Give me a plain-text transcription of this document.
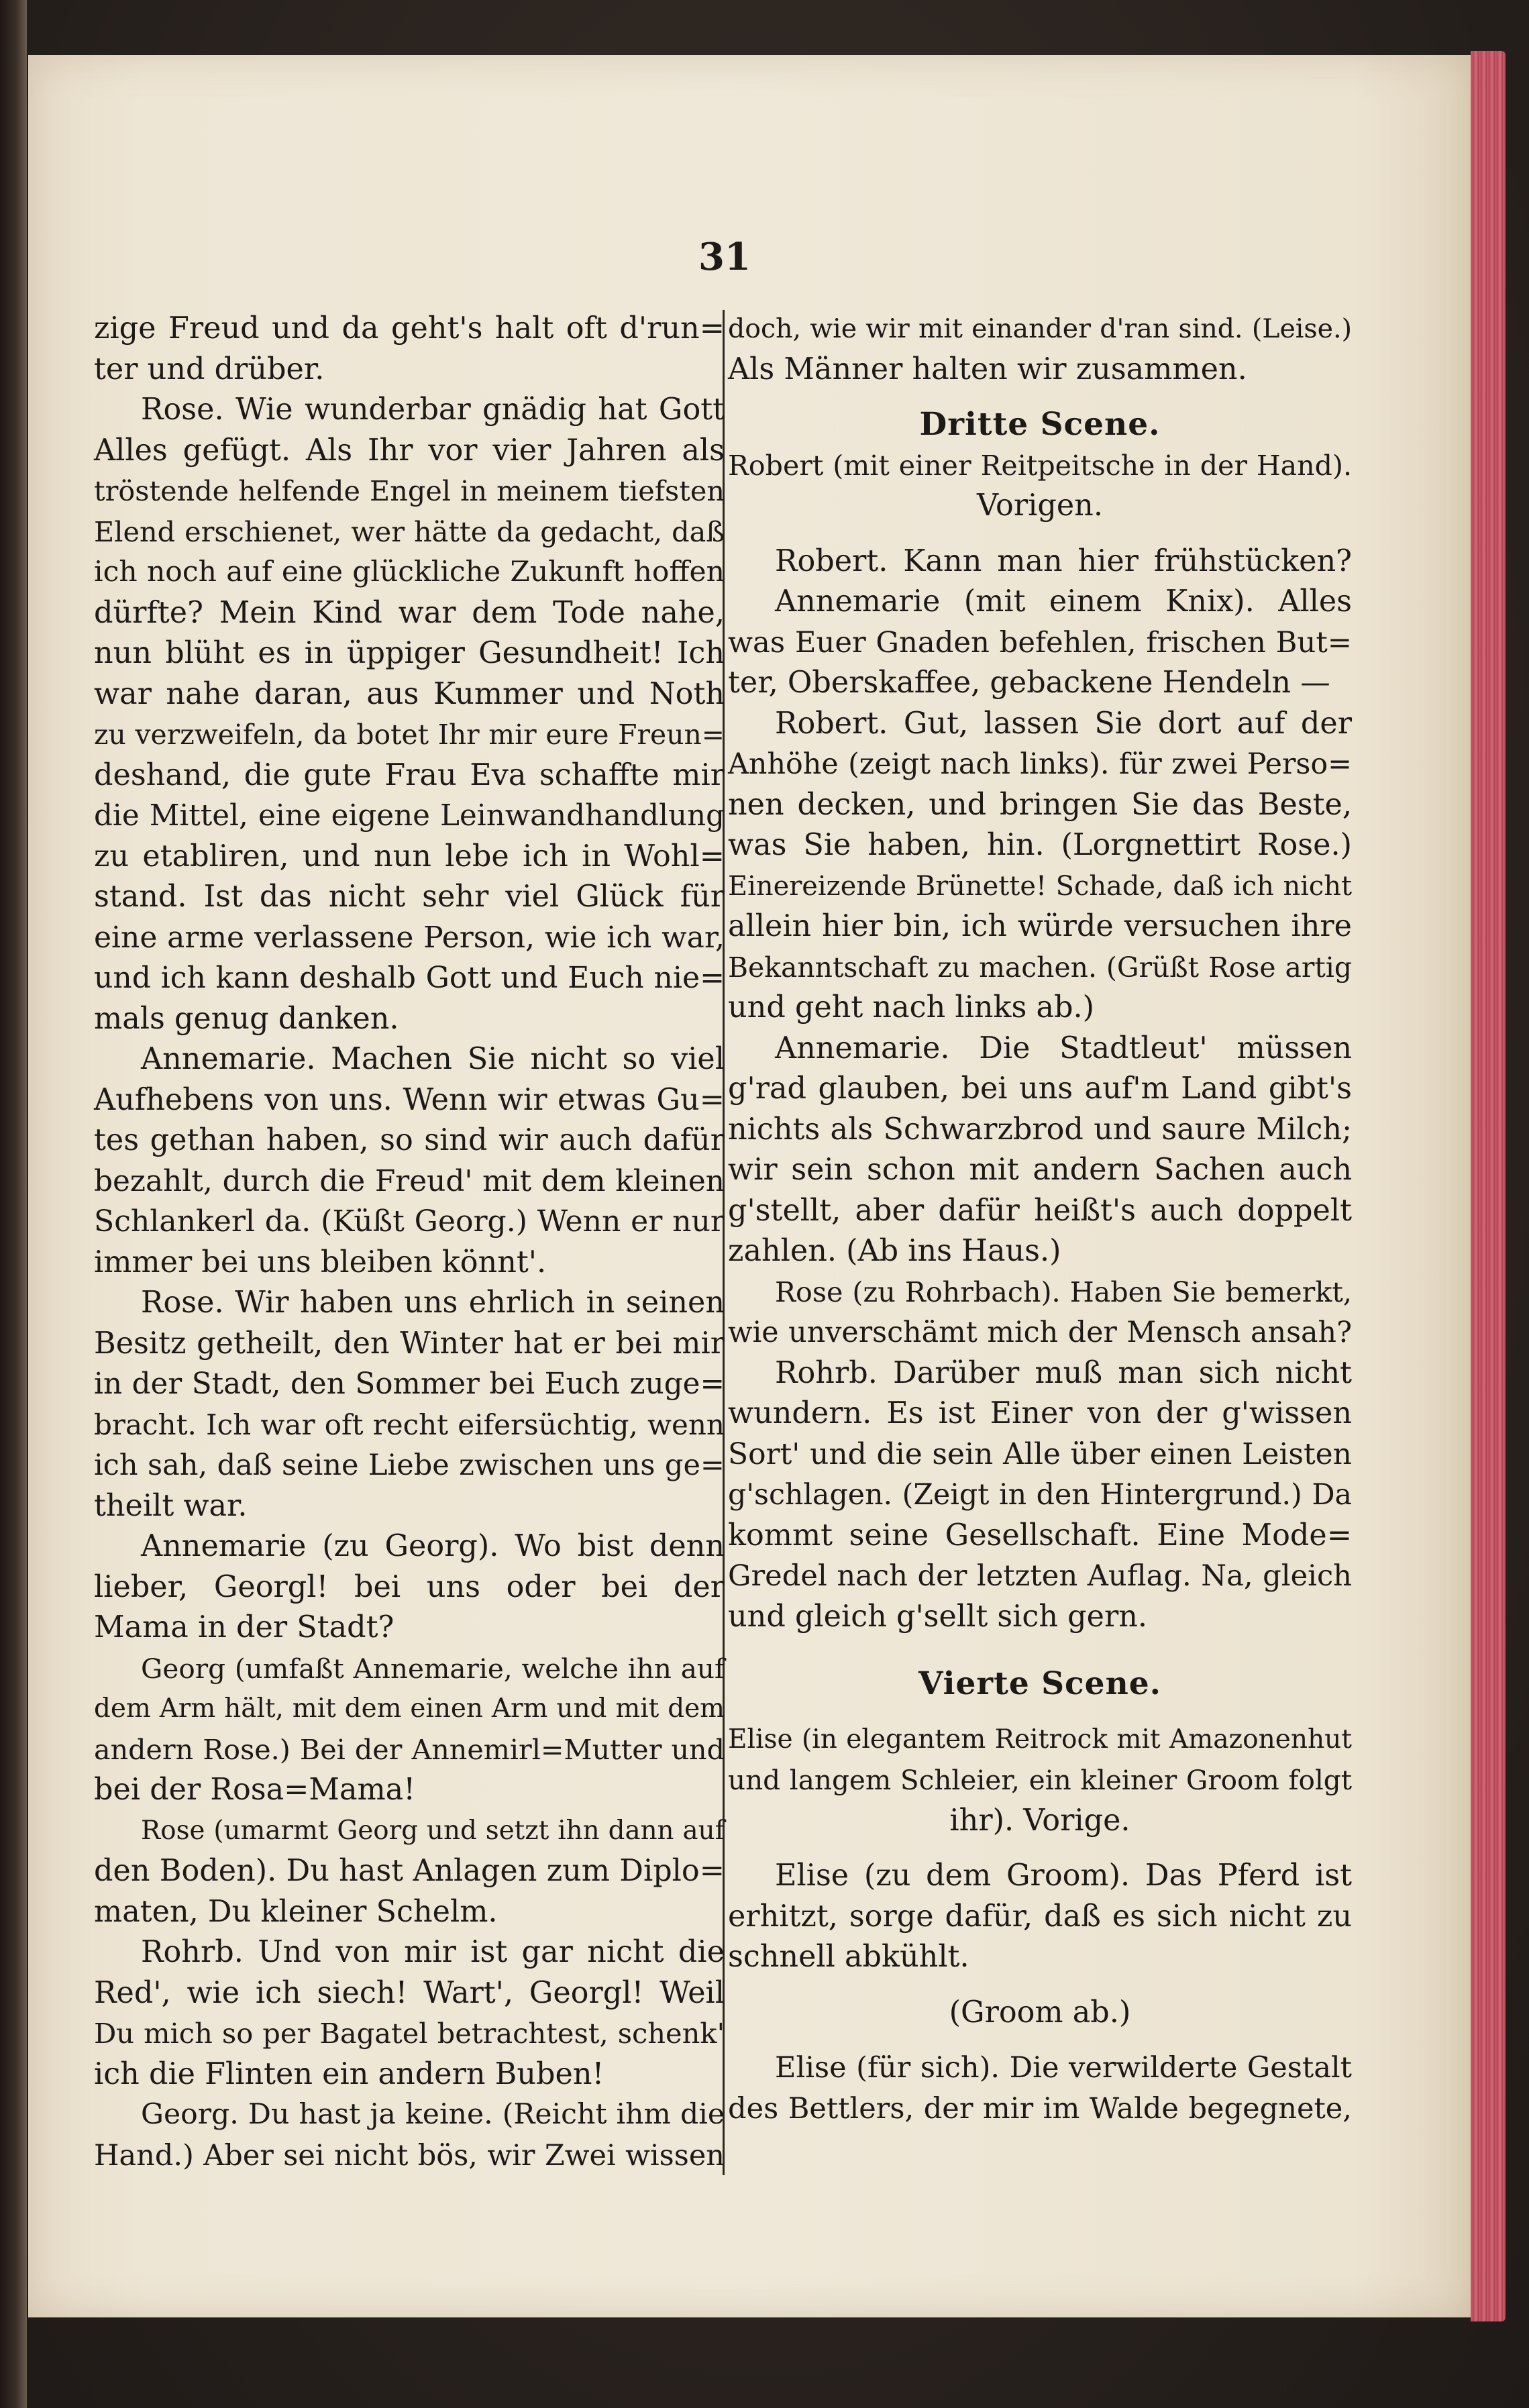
31
zige Freud und da geht's halt oft d'run=
ter und drüber.
Rose. Wie wunderbar gnädig hat Gott
Alles gefügt. Als Ihr vor vier Jahren als
tröstende helfende Engel in meinem tiefsten
Elend erschienet, wer hätte da gedacht, daß
ich noch auf eine glückliche Zukunft hoffen
dürfte? Mein Kind war dem Tode nahe,
nun blüht es in üppiger Gesundheit! Ich
war nahe daran, aus Kummer und Noth
zu verzweifeln, da botet Ihr mir eure Freun=
deshand, die gute Frau Eva schaffte mir
die Mittel, eine eigene Leinwandhandlung
zu etabliren, und nun lebe ich in Wohl=
stand. Ist das nicht sehr viel Glück für
eine arme verlassene Person, wie ich war,
und ich kann deshalb Gott und Euch nie=
mals genug danken.
Annemarie. Machen Sie nicht so viel
Aufhebens von uns. Wenn wir etwas Gu=
tes gethan haben, so sind wir auch dafür
bezahlt, durch die Freud' mit dem kleinen
Schlankerl da. (Küßt Georg.) Wenn er nur
immer bei uns bleiben könnt'.
Rose. Wir haben uns ehrlich in seinen
Besitz getheilt, den Winter hat er bei mir
in der Stadt, den Sommer bei Euch zuge=
bracht. Ich war oft recht eifersüchtig, wenn
ich sah, daß seine Liebe zwischen uns ge=
theilt war.
Annemarie (zu Georg). Wo bist denn
lieber, Georgl! bei uns oder bei der
Mama in der Stadt?
Georg (umfaßt Annemarie, welche ihn auf
dem Arm hält, mit dem einen Arm und mit dem
andern Rose.) Bei der Annemirl=Mutter und
bei der Rosa=Mama!
Rose (umarmt Georg und setzt ihn dann auf
den Boden). Du hast Anlagen zum Diplo=
maten, Du kleiner Schelm.
Rohrb. Und von mir ist gar nicht die
Red', wie ich siech! Wart', Georgl! Weil
Du mich so per Bagatel betrachtest, schenk'
ich die Flinten ein andern Buben!
Georg. Du hast ja keine. (Reicht ihm die
Hand.) Aber sei nicht bös, wir Zwei wissen
doch, wie wir mit einander d'ran sind. (Leise.)
Als Männer halten wir zusammen.
Dritte Scene.
Robert (mit einer Reitpeitsche in der Hand).
Vorigen.
Robert. Kann man hier frühstücken?
Annemarie (mit einem Knix). Alles
was Euer Gnaden befehlen, frischen But=
ter, Oberskaffee, gebackene Hendeln —
Robert. Gut, lassen Sie dort auf der
Anhöhe (zeigt nach links). für zwei Perso=
nen decken, und bringen Sie das Beste,
was Sie haben, hin. (Lorgnettirt Rose.)
Einereizende Brünette! Schade, daß ich nicht
allein hier bin, ich würde versuchen ihre
Bekanntschaft zu machen. (Grüßt Rose artig
und geht nach links ab.)
Annemarie. Die Stadtleut' müssen
g'rad glauben, bei uns auf'm Land gibt's
nichts als Schwarzbrod und saure Milch;
wir sein schon mit andern Sachen auch
g'stellt, aber dafür heißt's auch doppelt
zahlen. (Ab ins Haus.)
Rose (zu Rohrbach). Haben Sie bemerkt,
wie unverschämt mich der Mensch ansah?
Rohrb. Darüber muß man sich nicht
wundern. Es ist Einer von der g'wissen
Sort' und die sein Alle über einen Leisten
g'schlagen. (Zeigt in den Hintergrund.) Da
kommt seine Gesellschaft. Eine Mode=
Gredel nach der letzten Auflag. Na, gleich
und gleich g'sellt sich gern.
Vierte Scene.
Elise (in elegantem Reitrock mit Amazonenhut
und langem Schleier, ein kleiner Groom folgt
ihr). Vorige.
Elise (zu dem Groom). Das Pferd ist
erhitzt, sorge dafür, daß es sich nicht zu
schnell abkühlt.
(Groom ab.)
Elise (für sich). Die verwilderte Gestalt
des Bettlers, der mir im Walde begegnete,
